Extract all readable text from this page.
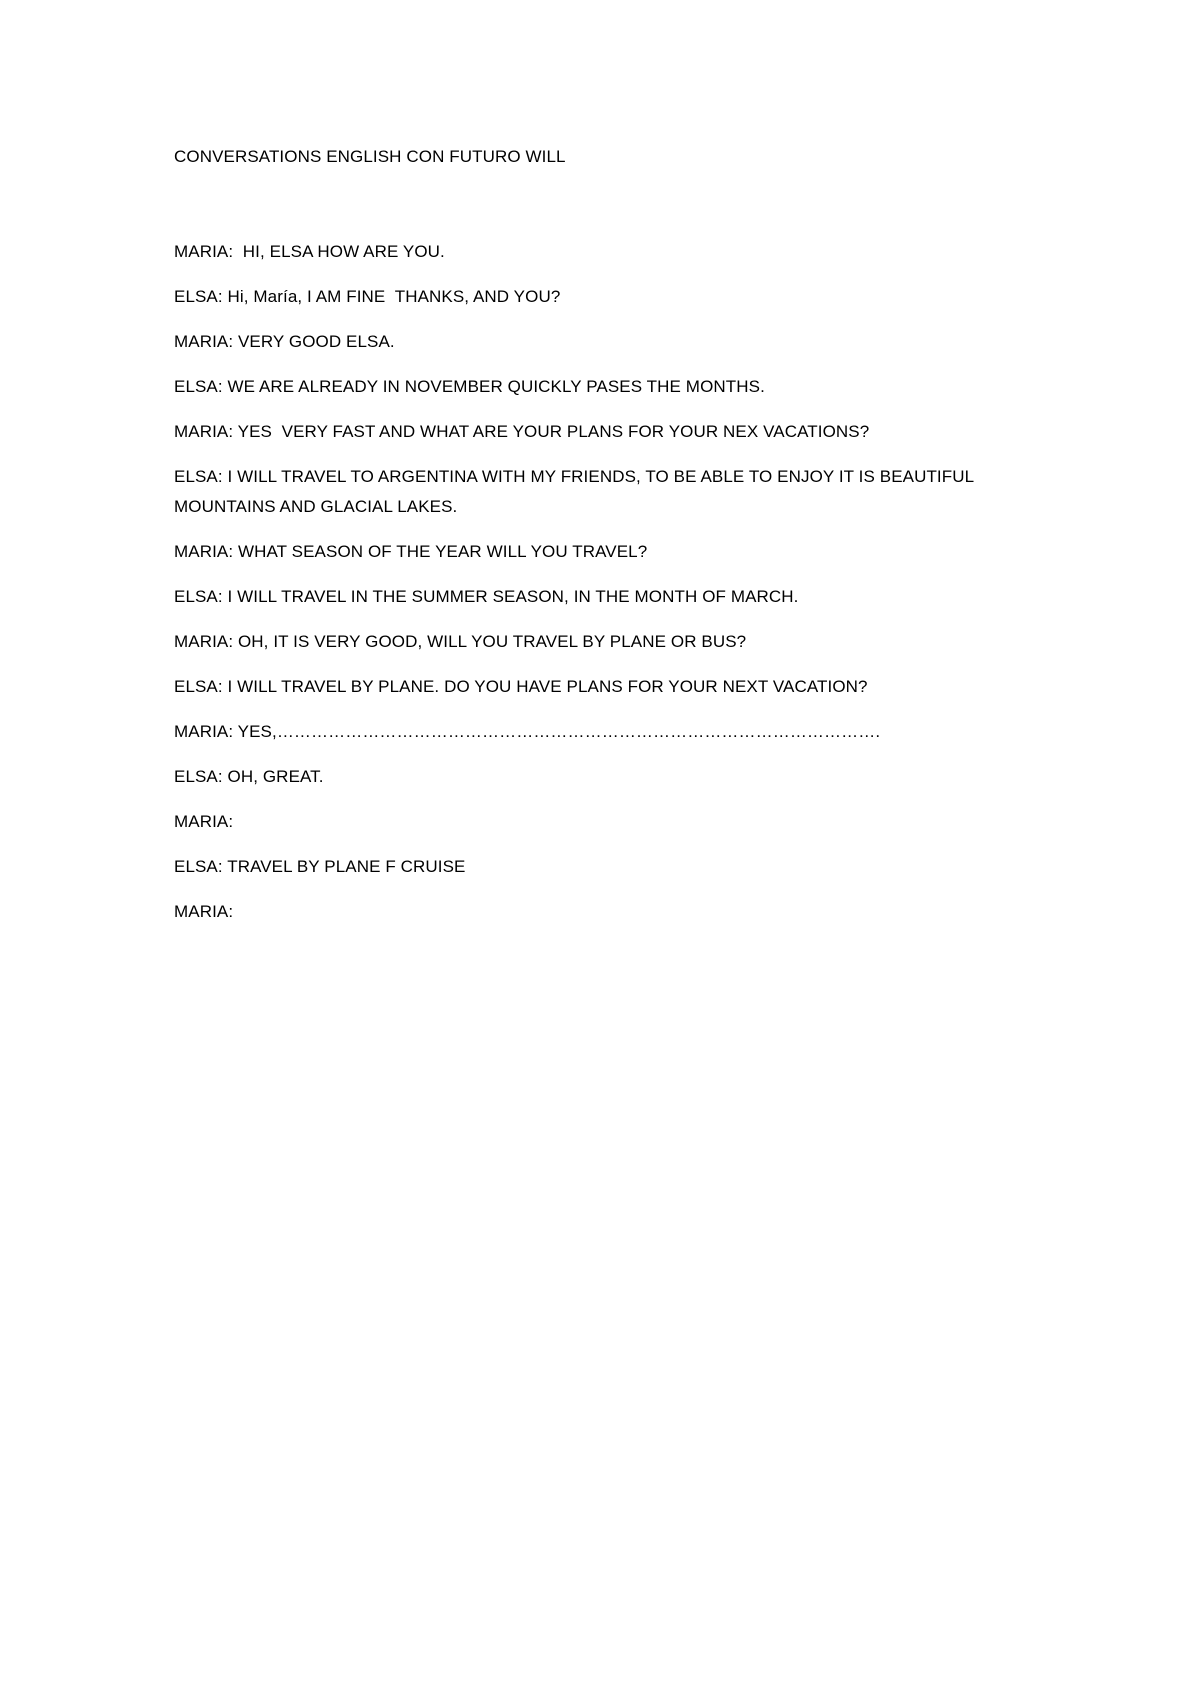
CONVERSATIONS ENGLISH CON FUTURO WILL

MARIA:  HI, ELSA HOW ARE YOU.
ELSA: Hi, María, I AM FINE  THANKS, AND YOU?
MARIA: VERY GOOD ELSA.
ELSA: WE ARE ALREADY IN NOVEMBER QUICKLY PASES THE MONTHS.
MARIA: YES  VERY FAST AND WHAT ARE YOUR PLANS FOR YOUR NEX VACATIONS?
ELSA: I WILL TRAVEL TO ARGENTINA WITH MY FRIENDS, TO BE ABLE TO ENJOY IT IS BEAUTIFUL MOUNTAINS AND GLACIAL LAKES.
MARIA: WHAT SEASON OF THE YEAR WILL YOU TRAVEL?
ELSA: I WILL TRAVEL IN THE SUMMER SEASON, IN THE MONTH OF MARCH.
MARIA: OH, IT IS VERY GOOD, WILL YOU TRAVEL BY PLANE OR BUS?
ELSA: I WILL TRAVEL BY PLANE. DO YOU HAVE PLANS FOR YOUR NEXT VACATION?
MARIA: YES,…………………………………………………………………………………………….
ELSA: OH, GREAT.
MARIA:
ELSA: TRAVEL BY PLANE F CRUISE
MARIA:
